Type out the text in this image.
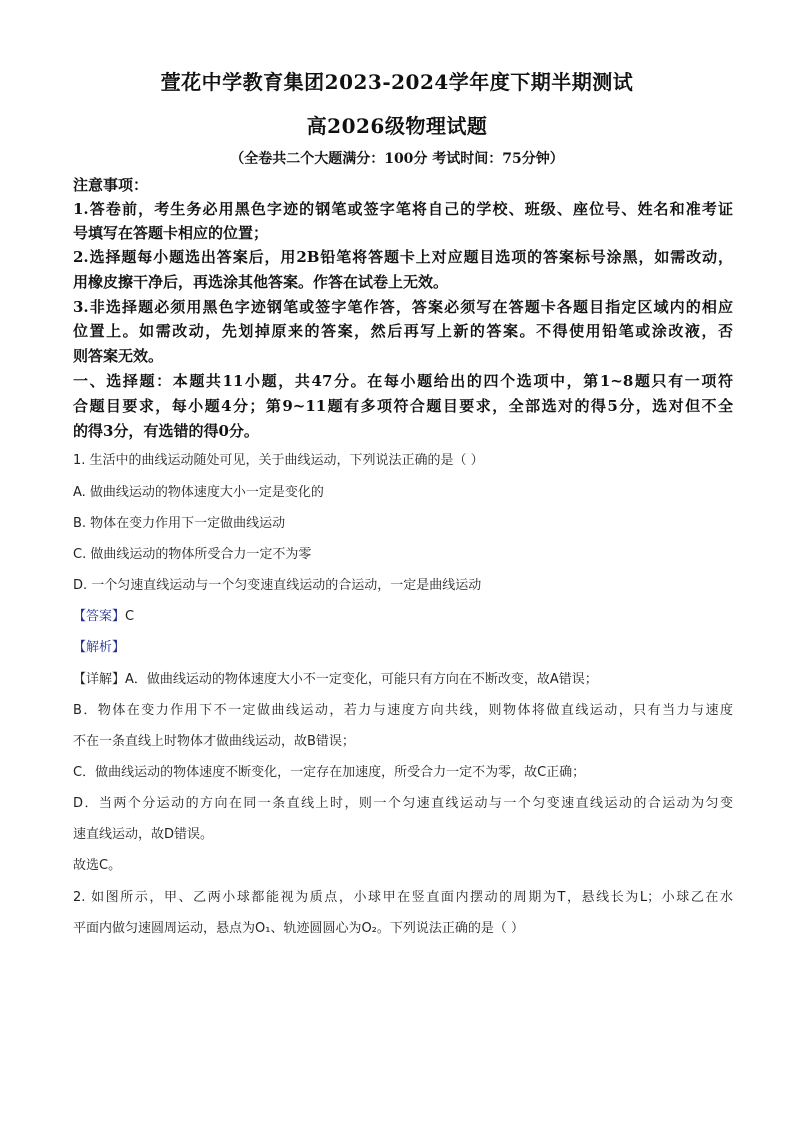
萱花中学教育集团2023-2024学年度下期半期测试
高2026级物理试题
（全卷共二个大题满分：100分 考试时间：75分钟）
注意事项：
1.答卷前，考生务必用黑色字迹的钢笔或签字笔将自己的学校、班级、座位号、姓名和准考证
号填写在答题卡相应的位置；
2.选择题每小题选出答案后，用2B铅笔将答题卡上对应题目选项的答案标号涂黑，如需改动，
用橡皮擦干净后，再选涂其他答案。作答在试卷上无效。
3.非选择题必须用黑色字迹钢笔或签字笔作答，答案必须写在答题卡各题目指定区域内的相应
位置上。如需改动，先划掉原来的答案，然后再写上新的答案。不得使用铅笔或涂改液，否
则答案无效。
一、选择题：本题共11小题，共47分。在每小题给出的四个选项中，第1~8题只有一项符
合题目要求，每小题4分；第9~11题有多项符合题目要求，全部选对的得5分，选对但不全
的得3分，有选错的得0分。
1. 生活中的曲线运动随处可见，关于曲线运动，下列说法正确的是（ ）
A. 做曲线运动的物体速度大小一定是变化的
B. 物体在变力作用下一定做曲线运动
C. 做曲线运动的物体所受合力一定不为零
D. 一个匀速直线运动与一个匀变速直线运动的合运动，一定是曲线运动
【答案】C
【解析】
【详解】A．做曲线运动的物体速度大小不一定变化，可能只有方向在不断改变，故A错误；
B．物体在变力作用下不一定做曲线运动，若力与速度方向共线，则物体将做直线运动，只有当力与速度
不在一条直线上时物体才做曲线运动，故B错误；
C．做曲线运动的物体速度不断变化，一定存在加速度，所受合力一定不为零，故C正确；
D．当两个分运动的方向在同一条直线上时，则一个匀速直线运动与一个匀变速直线运动的合运动为匀变
速直线运动，故D错误。
故选C。
2. 如图所示，甲、乙两小球都能视为质点，小球甲在竖直面内摆动的周期为T，悬线长为L；小球乙在水
平面内做匀速圆周运动，悬点为O₁、轨迹圆圆心为O₂。下列说法正确的是（ ）
